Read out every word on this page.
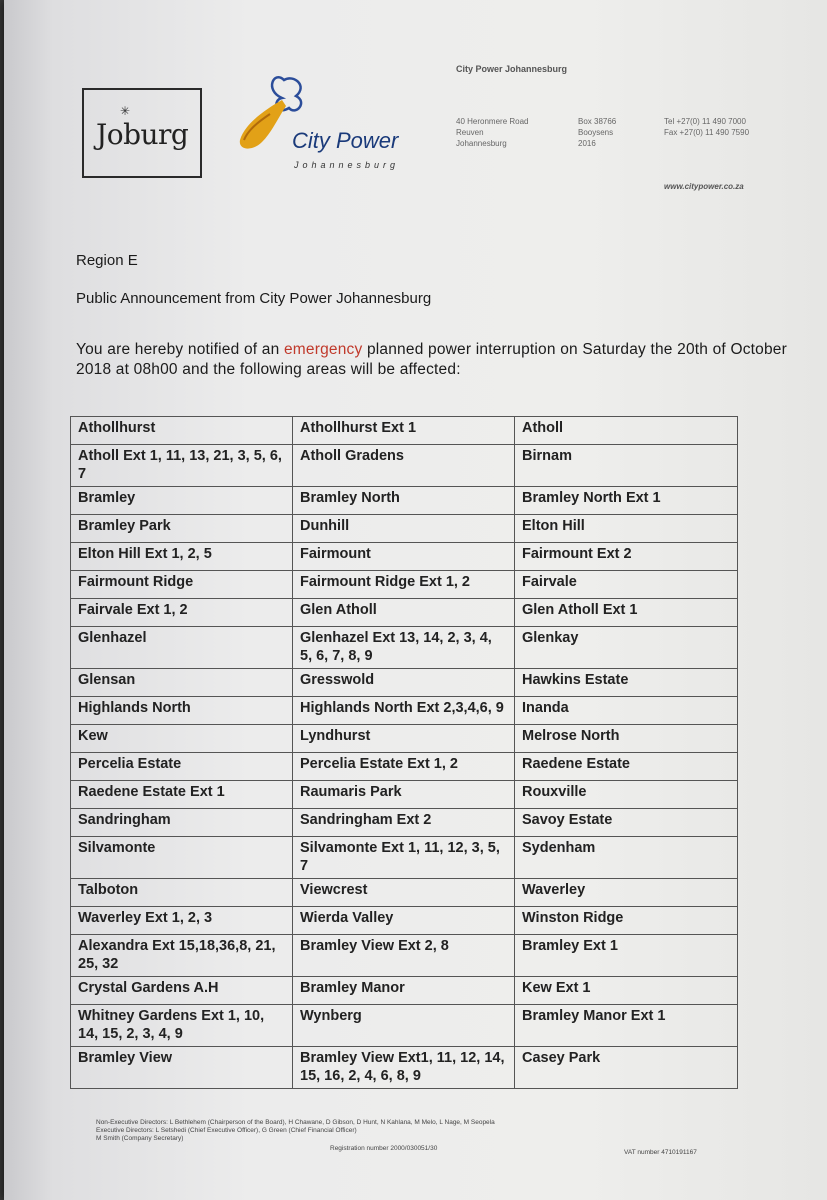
✳
Joburg	City Power
Johannesburg
City Power Johannesburg
40 Heronmere Road
Reuven
Johannesburg
Box 38766
Booysens
2016
Tel +27(0) 11 490 7000
Fax +27(0) 11 490 7590
www.citypower.co.za
Region E
Public Announcement from City Power Johannesburg
You are hereby notified of an emergency planned power interruption on Saturday the 20th of October 2018 at 08h00 and the following areas will be affected:
Athollhurst	Athollhurst Ext 1	Atholl
Atholl Ext 1, 11, 13, 21, 3, 5, 6, 7	Atholl Gradens	Birnam
Bramley	Bramley North	Bramley North Ext 1
Bramley Park	Dunhill	Elton Hill
Elton Hill Ext 1, 2, 5	Fairmount	Fairmount Ext 2
Fairmount Ridge	Fairmount Ridge Ext 1, 2	Fairvale
Fairvale Ext 1, 2	Glen Atholl	Glen Atholl Ext 1
Glenhazel	Glenhazel Ext 13, 14, 2, 3, 4, 5, 6, 7, 8, 9	Glenkay
Glensan	Gresswold	Hawkins Estate
Highlands North	Highlands North Ext 2,3,4,6, 9	Inanda
Kew	Lyndhurst	Melrose North
Percelia Estate	Percelia Estate Ext 1, 2	Raedene Estate
Raedene Estate Ext 1	Raumaris Park	Rouxville
Sandringham	Sandringham Ext 2	Savoy Estate
Silvamonte	Silvamonte Ext 1, 11, 12, 3, 5, 7	Sydenham
Talboton	Viewcrest	Waverley
Waverley Ext 1, 2, 3	Wierda Valley	Winston Ridge
Alexandra Ext 15,18,36,8, 21, 25, 32	Bramley View Ext 2, 8	Bramley Ext 1
Crystal Gardens A.H	Bramley Manor	Kew Ext 1
Whitney Gardens Ext 1, 10, 14, 15, 2, 3, 4, 9	Wynberg	Bramley Manor Ext 1
Bramley View	Bramley View Ext1, 11, 12, 14, 15, 16, 2, 4, 6, 8, 9	Casey Park
Non-Executive Directors: L Bethlehem (Chairperson of the Board), H Chawane, D Gibson, D Hunt, N Kahlana, M Melo, L Nage, M Seopela
Executive Directors: L Setshedi (Chief Executive Officer), G Green (Chief Financial Officer)
M Smith (Company Secretary)
Registration number 2000/030051/30
VAT number 4710191167
